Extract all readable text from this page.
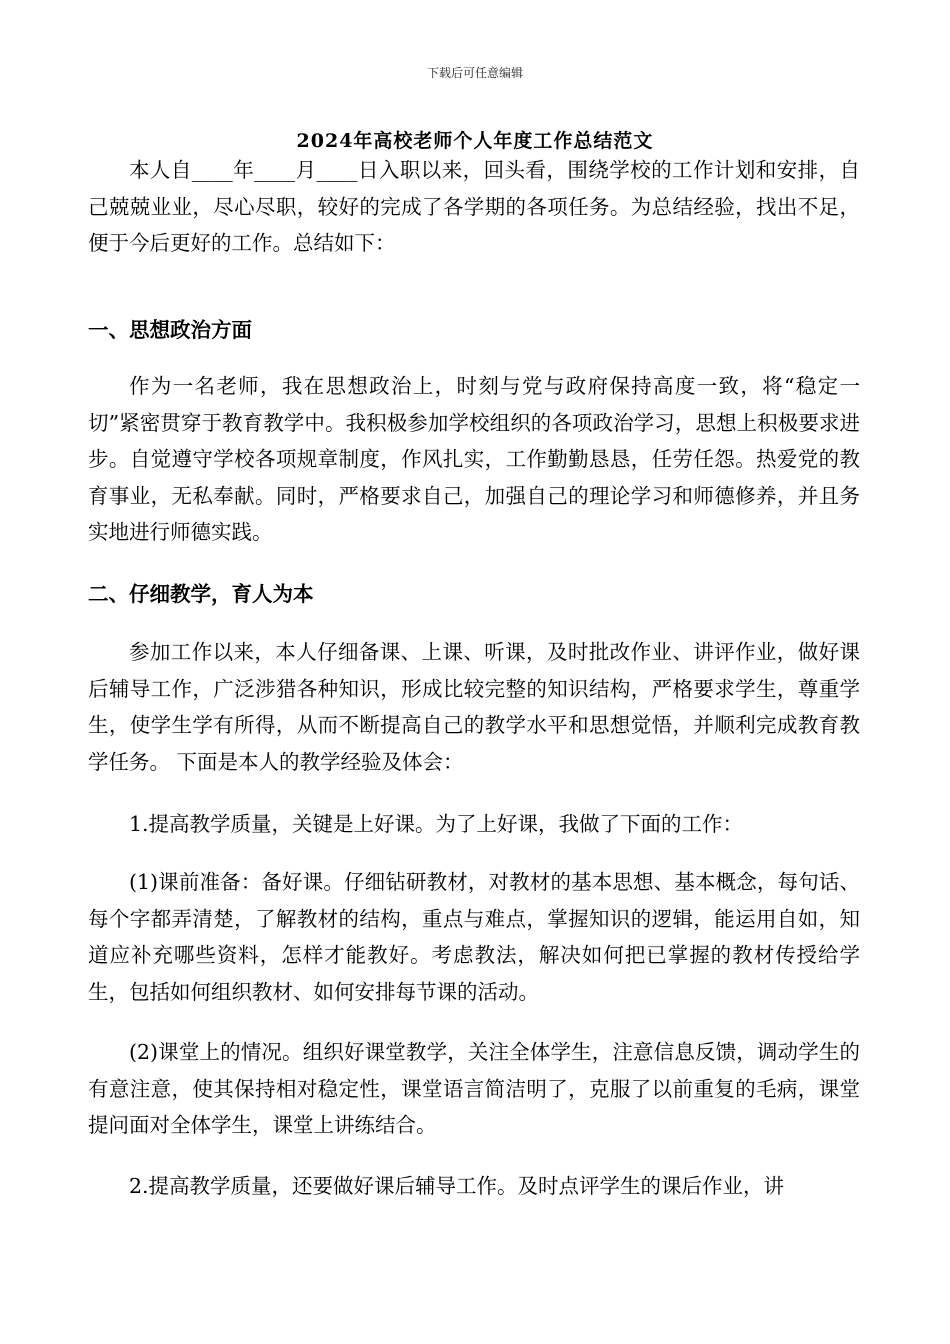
下载后可任意编辑
2024年高校老师个人年度工作总结范文

本人自____年____月____日入职以来，回头看，围绕学校的工作计划和安排，自己兢兢业业，尽心尽职，较好的完成了各学期的各项任务。为总结经验，找出不足，便于今后更好的工作。总结如下：

一、思想政治方面

作为一名老师，我在思想政治上，时刻与党与政府保持高度一致，将“稳定一切”紧密贯穿于教育教学中。我积极参加学校组织的各项政治学习，思想上积极要求进步。自觉遵守学校各项规章制度，作风扎实，工作勤勤恳恳，任劳任怨。热爱党的教育事业，无私奉献。同时，严格要求自己，加强自己的理论学习和师德修养，并且务实地进行师德实践。

二、仔细教学，育人为本

参加工作以来，本人仔细备课、上课、听课，及时批改作业、讲评作业，做好课后辅导工作，广泛涉猎各种知识，形成比较完整的知识结构，严格要求学生，尊重学生，使学生学有所得，从而不断提高自己的教学水平和思想觉悟，并顺利完成教育教学任务。 下面是本人的教学经验及体会：

1.提高教学质量，关键是上好课。为了上好课，我做了下面的工作：

(1)课前准备：备好课。仔细钻研教材，对教材的基本思想、基本概念，每句话、每个字都弄清楚，了解教材的结构，重点与难点，掌握知识的逻辑，能运用自如，知道应补充哪些资料，怎样才能教好。考虑教法，解决如何把已掌握的教材传授给学生，包括如何组织教材、如何安排每节课的活动。

(2)课堂上的情况。组织好课堂教学，关注全体学生，注意信息反馈，调动学生的有意注意，使其保持相对稳定性，课堂语言简洁明了，克服了以前重复的毛病，课堂提问面对全体学生，课堂上讲练结合。

2.提高教学质量，还要做好课后辅导工作。及时点评学生的课后作业，讲
